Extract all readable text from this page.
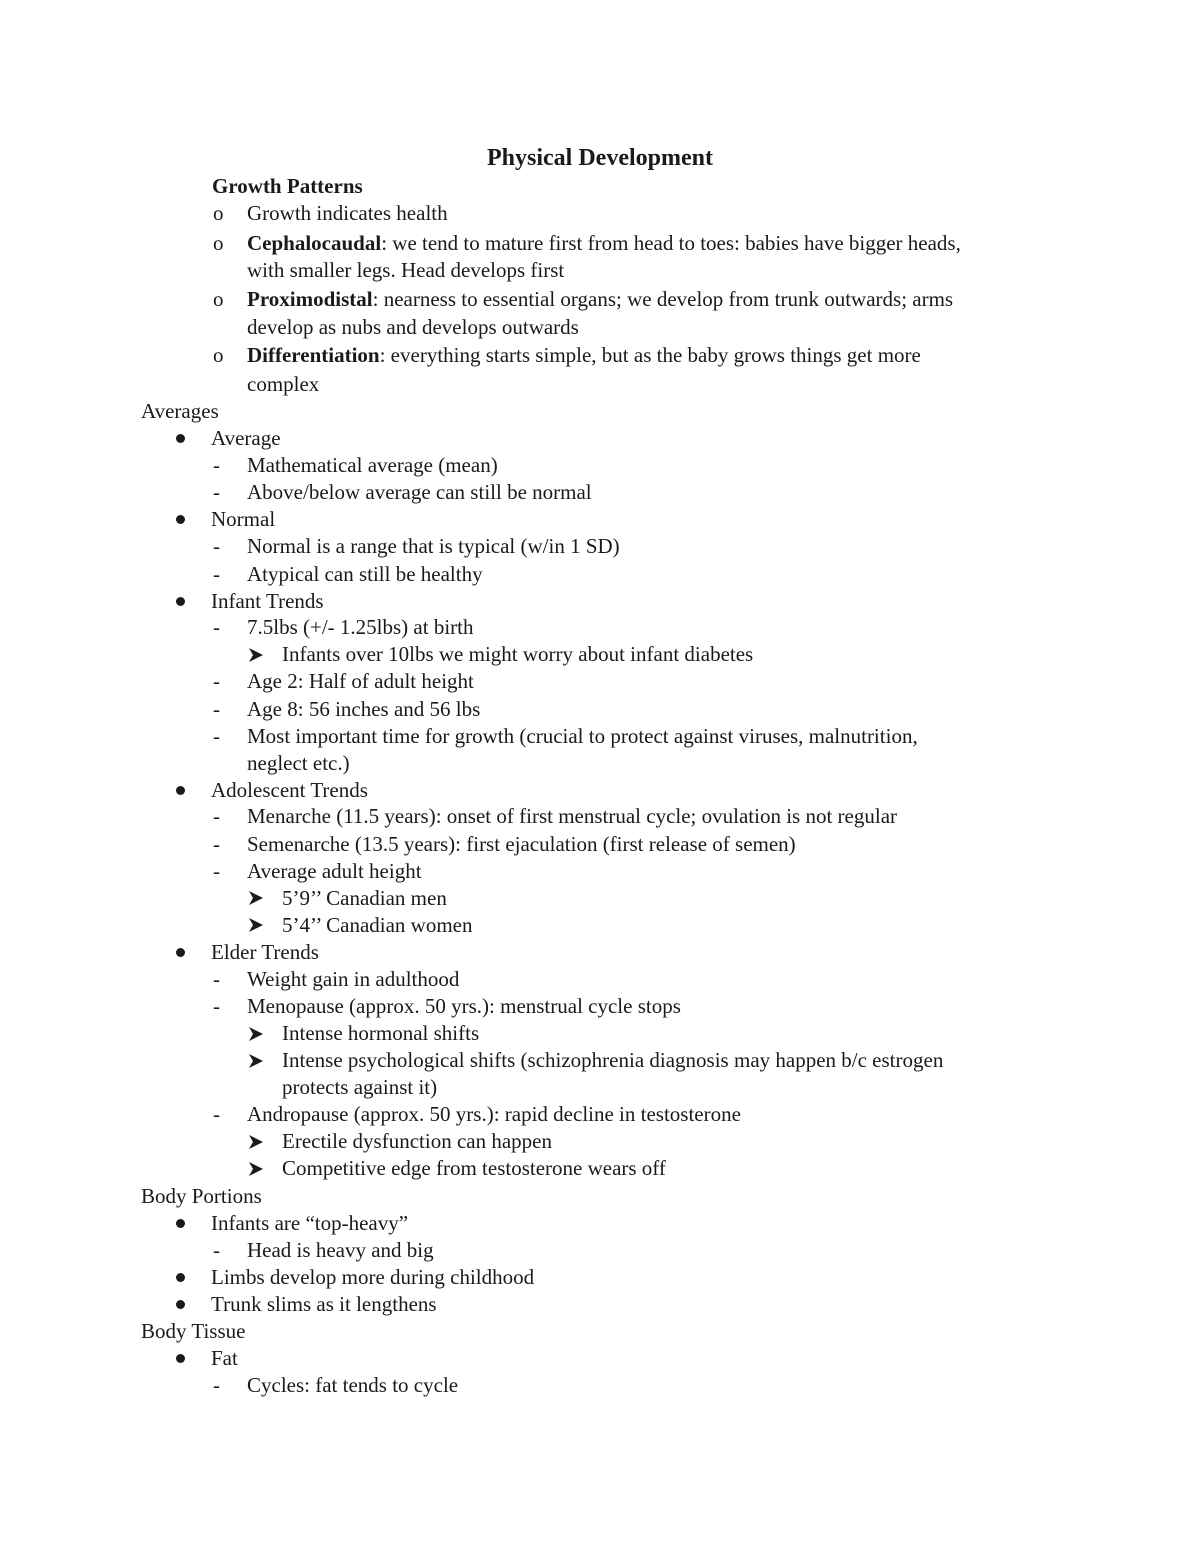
Physical Development
Growth Patterns
o Growth indicates health
o Cephalocaudal: we tend to mature first from head to toes: babies have bigger heads,
with smaller legs. Head develops first
o Proximodistal: nearness to essential organs; we develop from trunk outwards; arms
develop as nubs and develops outwards
o Differentiation: everything starts simple, but as the baby grows things get more
complex
Averages
Average
- Mathematical average (mean)
- Above/below average can still be normal
Normal
- Normal is a range that is typical (w/in 1 SD)
- Atypical can still be healthy
Infant Trends
- 7.5lbs (+/- 1.25lbs) at birth
Infants over 10lbs we might worry about infant diabetes
- Age 2: Half of adult height
- Age 8: 56 inches and 56 lbs
- Most important time for growth (crucial to protect against viruses, malnutrition,
neglect etc.)
Adolescent Trends
- Menarche (11.5 years): onset of first menstrual cycle; ovulation is not regular
- Semenarche (13.5 years): first ejaculation (first release of semen)
- Average adult height
5’9’’ Canadian men
5’4’’ Canadian women
Elder Trends
- Weight gain in adulthood
- Menopause (approx. 50 yrs.): menstrual cycle stops
Intense hormonal shifts
Intense psychological shifts (schizophrenia diagnosis may happen b/c estrogen
protects against it)
- Andropause (approx. 50 yrs.): rapid decline in testosterone
Erectile dysfunction can happen
Competitive edge from testosterone wears off
Body Portions
Infants are “top-heavy”
- Head is heavy and big
Limbs develop more during childhood
Trunk slims as it lengthens
Body Tissue
Fat
- Cycles: fat tends to cycle
